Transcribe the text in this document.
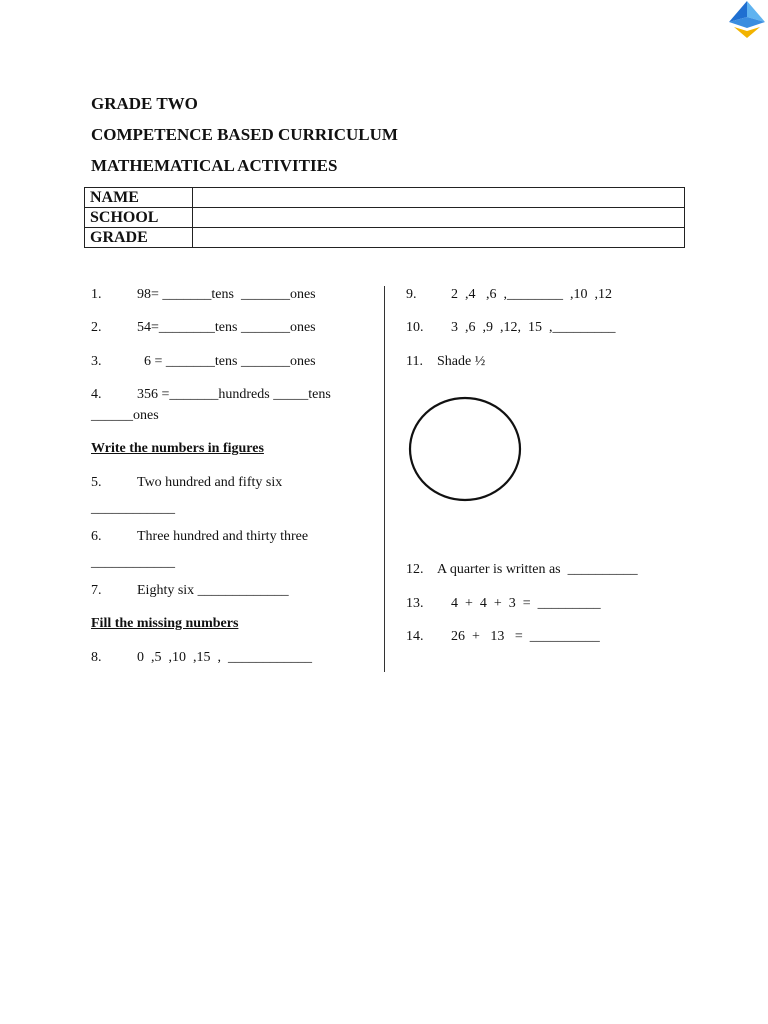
GRADE TWO
COMPETENCE BASED CURRICULUM
MATHEMATICAL ACTIVITIES
NAME	
SCHOOL	
GRADE	

1.

	98= _______tens  _______ones

2.

	54=________tens _______ones

3.

	6 = _______tens _______ones

4.

	356 =_______hundreds _____tens

______ones
Write the numbers in figures

5.

	Two hundred and fifty six

____________

6.

	Three hundred and thirty three

____________

7.

	Eighty six _____________

Fill the missing numbers

8.

	0  ,5  ,10  ,15  ,  ____________

9.

2  ,4   ,6  ,________  ,10  ,12

10.

3  ,6  ,9  ,12,  15  ,_________

11.

Shade ½

12.

A quarter is written as  __________

13.

4  +  4  +  3  =  _________

14.

26  +   13   =  __________
